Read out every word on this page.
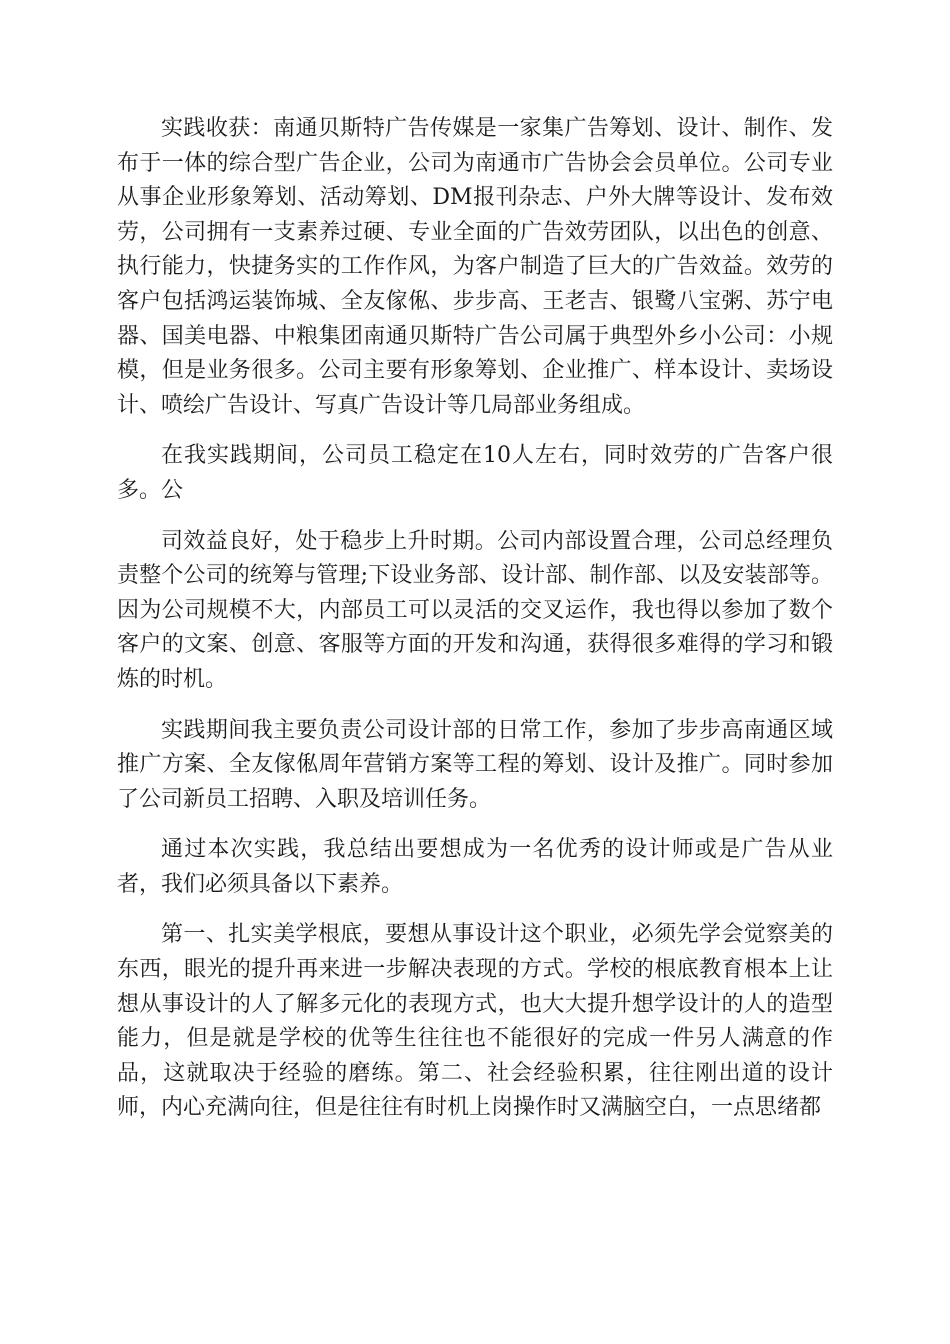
实践收获：南通贝斯特广告传媒是一家集广告筹划、设计、制作、发布于一体的综合型广告企业，公司为南通市广告协会会员单位。公司专业从事企业形象筹划、活动筹划、DM报刊杂志、户外大牌等设计、发布效劳，公司拥有一支素养过硬、专业全面的广告效劳团队，以出色的创意、执行能力，快捷务实的工作作风，为客户制造了巨大的广告效益。效劳的客户包括鸿运装饰城、全友傢俬、步步高、王老吉、银鹭八宝粥、苏宁电器、国美电器、中粮集团南通贝斯特广告公司属于典型外乡小公司：小规模，但是业务很多。公司主要有形象筹划、企业推广、样本设计、卖场设计、喷绘广告设计、写真广告设计等几局部业务组成。

在我实践期间，公司员工稳定在10人左右，同时效劳的广告客户很多。公

司效益良好，处于稳步上升时期。公司内部设置合理，公司总经理负责整个公司的统筹与管理;下设业务部、设计部、制作部、以及安装部等。因为公司规模不大，内部员工可以灵活的交叉运作，我也得以参加了数个客户的文案、创意、客服等方面的开发和沟通，获得很多难得的学习和锻炼的时机。

实践期间我主要负责公司设计部的日常工作，参加了步步高南通区域推广方案、全友傢俬周年营销方案等工程的筹划、设计及推广。同时参加了公司新员工招聘、入职及培训任务。

通过本次实践，我总结出要想成为一名优秀的设计师或是广告从业者，我们必须具备以下素养。

第一、扎实美学根底，要想从事设计这个职业，必须先学会觉察美的东西，眼光的提升再来进一步解决表现的方式。学校的根底教育根本上让想从事设计的人了解多元化的表现方式，也大大提升想学设计的人的造型能力，但是就是学校的优等生往往也不能很好的完成一件另人满意的作品，这就取决于经验的磨练。第二、社会经验积累，往往刚出道的设计师，内心充满向往，但是往往有时机上岗操作时又满脑空白，一点思绪都
